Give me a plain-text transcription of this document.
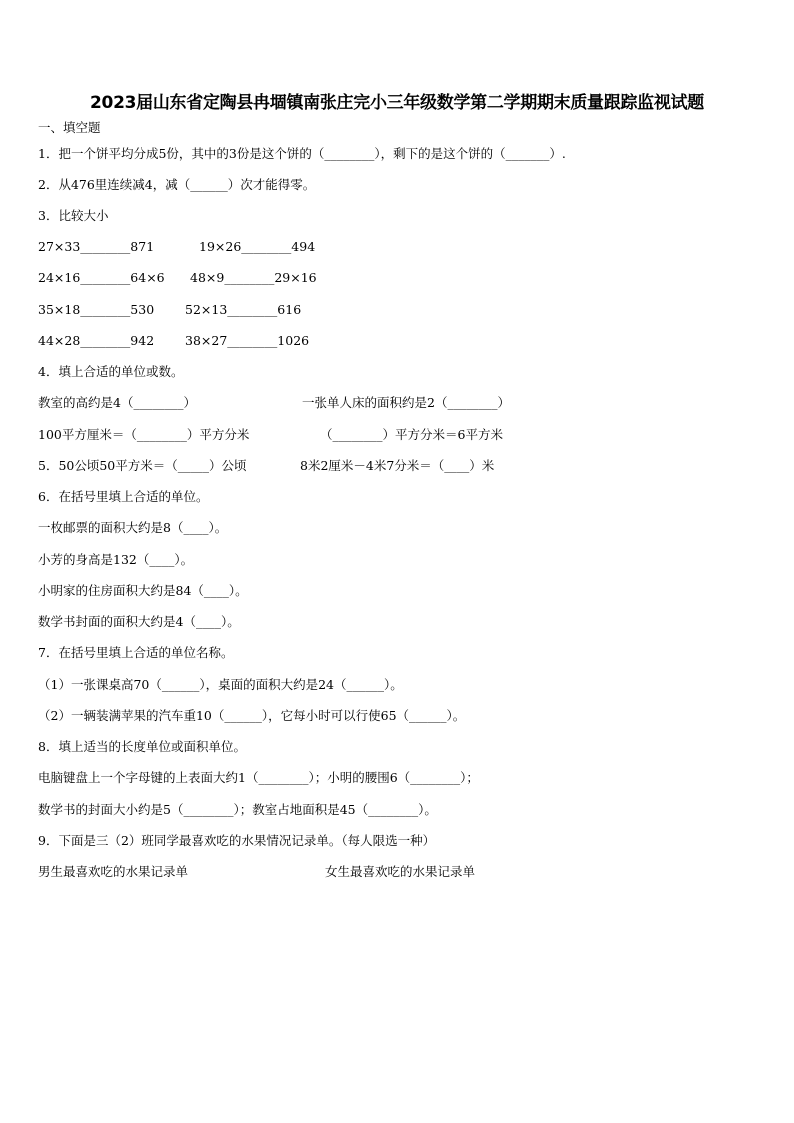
2023届山东省定陶县冉堌镇南张庄完小三年级数学第二学期期末质量跟踪监视试题
一、填空题
1．把一个饼平均分成5份，其中的3份是这个饼的（________），剩下的是这个饼的（_______）.
2．从476里连续减4，减（______）次才能得零。
3．比较大小
27×33________871	19×26________494
24×16________64×6 48×9________29×16
35×18________530 52×13________616
44×28________942 38×27________1026
4．填上合适的单位或数。
教室的高约是4（________）	一张单人床的面积约是2（________）
100平方厘米＝（________）平方分米	（________）平方分米＝6平方米
5．50公顷50平方米＝（_____）公顷	8米2厘米－4米7分米＝（____）米
6．在括号里填上合适的单位。
一枚邮票的面积大约是8（____）。
小芳的身高是132（____）。
小明家的住房面积大约是84（____）。
数学书封面的面积大约是4（____）。
7．在括号里填上合适的单位名称。
（1）一张课桌高70（______），桌面的面积大约是24（______）。
（2）一辆装满苹果的汽车重10（______），它每小时可以行使65（______）。
8．填上适当的长度单位或面积单位。
电脑键盘上一个字母键的上表面大约1（________）；小明的腰围6（________）；
数学书的封面大小约是5（________）；教室占地面积是45（________）。
9．下面是三（2）班同学最喜欢吃的水果情况记录单。（每人限选一种）
男生最喜欢吃的水果记录单	女生最喜欢吃的水果记录单
